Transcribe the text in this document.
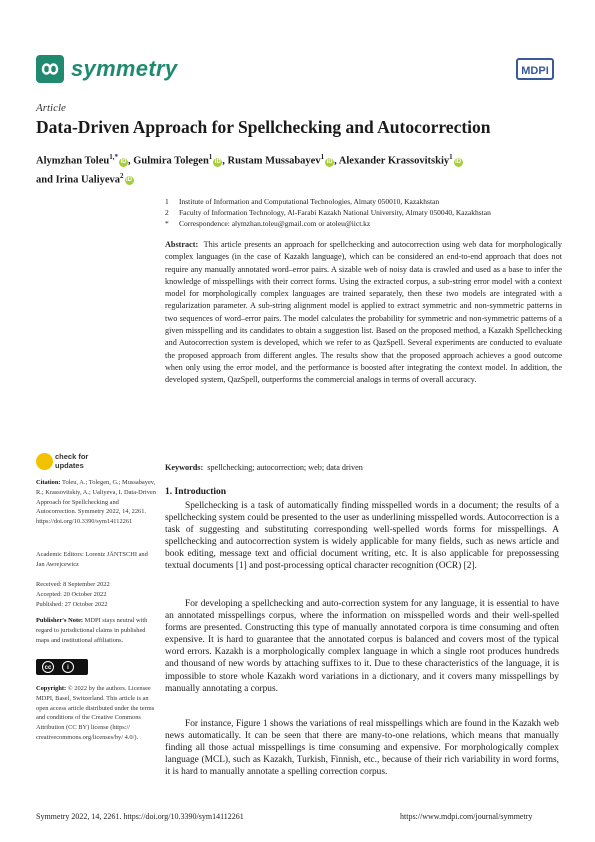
symmetry	MDPI
Article
Data-Driven Approach for Spellchecking and Autocorrection
Alymzhan Toleu$^{1,*}$iD , Gulmira Tolegen$^1$iD , Rustam Mussabayev$^1$iD , Alexander Krassovitskiy$^1$iD
and Irina Ualiyeva$^2$iD
1 Institute of Information and Computational Technologies, Almaty 050010, Kazakhstan
2 Faculty of Information Technology, Al-Farabi Kazakh National University, Almaty 050040, Kazakhstan
* Correspondence: alymzhan.toleu@gmail.com or atoleu@iict.kz
Abstract: This article presents an approach for spellchecking and autocorrection using web data for morphologically complex languages (in the case of Kazakh language), which can be considered an end-to-end approach that does not require any manually annotated word–error pairs. A sizable web of noisy data is crawled and used as a base to infer the knowledge of misspellings with their correct forms. Using the extracted corpus, a sub-string error model with a context model for morphologically complex languages are trained separately, then these two models are integrated with a regularization parameter. A sub-string alignment model is applied to extract symmetric and non-symmetric patterns in two sequences of word–error pairs. The model calculates the probability for symmetric and non-symmetric patterns of a given misspelling and its candidates to obtain a suggestion list. Based on the proposed method, a Kazakh Spellchecking and Autocorrection system is developed, which we refer to as QazSpell. Several experiments are conducted to evaluate the proposed approach from different angles. The results show that the proposed approach achieves a good outcome when only using the error model, and the performance is boosted after integrating the context model. In addition, the developed system, QazSpell, outperforms the commercial analogs in terms of overall accuracy.
Keywords: spellchecking; autocorrection; web; data driven
check for
updates
Citation: Toleu, A.; Tolegen, G.; Mussabayev, R.; Krassovitskiy, A.; Ualiyeva, I. Data-Driven Approach for Spellchecking and Autocorrection. Symmetry 2022, 14, 2261. https://doi.org/10.3390/sym14112261
Academic Editors: Lorentz JÄNTSCHI and Jan Awrejcewicz
Received: 8 September 2022
Accepted: 20 October 2022
Published: 27 October 2022
Publisher's Note: MDPI stays neutral with regard to jurisdictional claims in published maps and institutional affiliations.
cc	i
Copyright: © 2022 by the authors. Licensee MDPI, Basel, Switzerland. This article is an open access article distributed under the terms and conditions of the Creative Commons Attribution (CC BY) license (https:// creativecommons.org/licenses/by/ 4.0/).
1. Introduction
Spellchecking is a task of automatically finding misspelled words in a document; the results of a spellchecking system could be presented to the user as underlining misspelled words. Autocorrection is a task of suggesting and substituting corresponding well-spelled words forms for misspellings. A spellchecking and autocorrection system is widely applicable for many fields, such as news article and book editing, message text and official document writing, etc. It is also applicable for prepossessing textual documents [1] and post-processing optical character recognition (OCR) [2].
For developing a spellchecking and auto-correction system for any language, it is essential to have an annotated misspellings corpus, where the information on misspelled words and their well-spelled forms are presented. Constructing this type of manually annotated corpora is time consuming and often expensive. It is hard to guarantee that the annotated corpus is balanced and covers most of the typical word errors. Kazakh is a morphologically complex language in which a single root produces hundreds and thousand of new words by attaching suffixes to it. Due to these characteristics of the language, it is impossible to store whole Kazakh word variations in a dictionary, and it covers many misspellings by manually annotating a corpus.
For instance, Figure 1 shows the variations of real misspellings which are found in the Kazakh web news automatically. It can be seen that there are many-to-one relations, which means that manually finding all those actual misspellings is time consuming and expensive. For morphologically complex language (MCL), such as Kazakh, Turkish, Finnish, etc., because of their rich variability in word forms, it is hard to manually annotate a spelling correction corpus.
Symmetry 2022, 14, 2261. https://doi.org/10.3390/sym14112261	https://www.mdpi.com/journal/symmetry
